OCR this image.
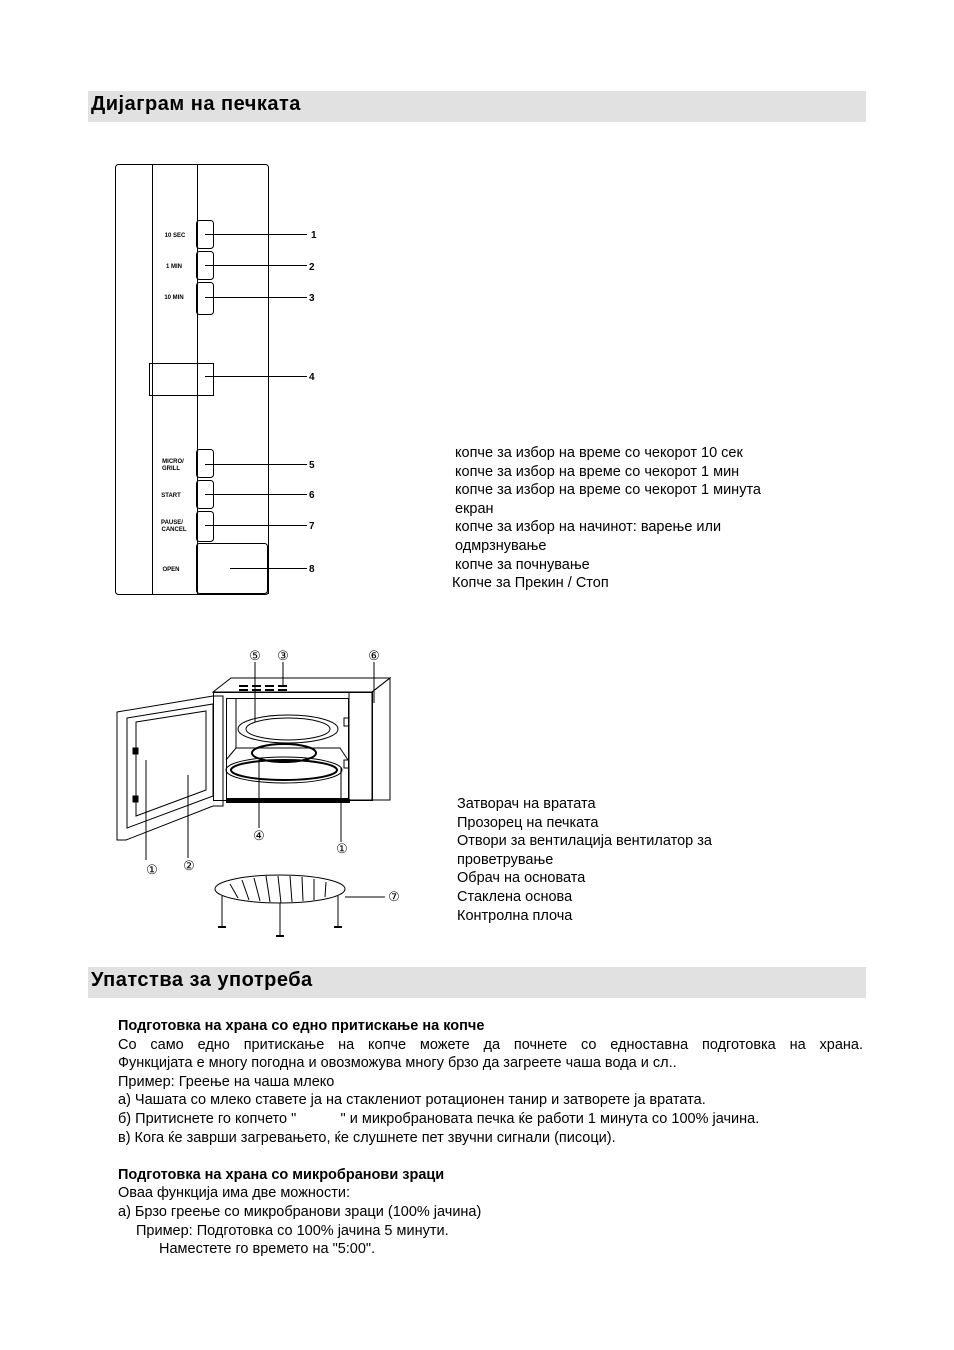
Дијаграм на печката
10 SEC
1 MIN
10 MIN
MICRO/
GRILL
START
PAUSE/
CANCEL
OPEN
1
2
3
4
5
6
7
8
⑤ ③	⑥
④
①
① ②
⑦
копче за избор на време со чекорот 10 сек
копче за избор на време со чекорот 1 мин
копче за избор на време со чекорот 1 минута
екран
копче за избор на начинот: варење или
одмрзнување
копче за почнување
Копче за Прекин / Стоп
Затворач на вратата
Прозорец на печката
Отвори за вентилација вентилатор за
проветрување
Обрач на основата
Стаклена основа
Контролна плоча
Упатства за употреба
Подготовка на храна со едно притискање на копче
Со само едно притискање на копче можете да почнете со едноставна подготовка на храна.
Функцијата е многу погодна и овозможува многу брзо да загреете чаша вода и сл..
Пример: Греење на чаша млеко
а) Чашата со млеко ставете ја на стаклениот ротационен танир и затворете ја вратата.
б) Притиснете го копчето "           " и микробрановата печка ќе работи 1 минута со 100% јачина.
в) Кога ќе заврши загревањето, ќе слушнете пет звучни сигнали (писоци).
Подготовка на храна со микробранови зраци
Оваа функција има две можности:
а) Брзо греење со микробранови зраци (100% јачина)
Пример: Подготовка со 100% јачина 5 минути.
Наместете го времето на "5:00".
